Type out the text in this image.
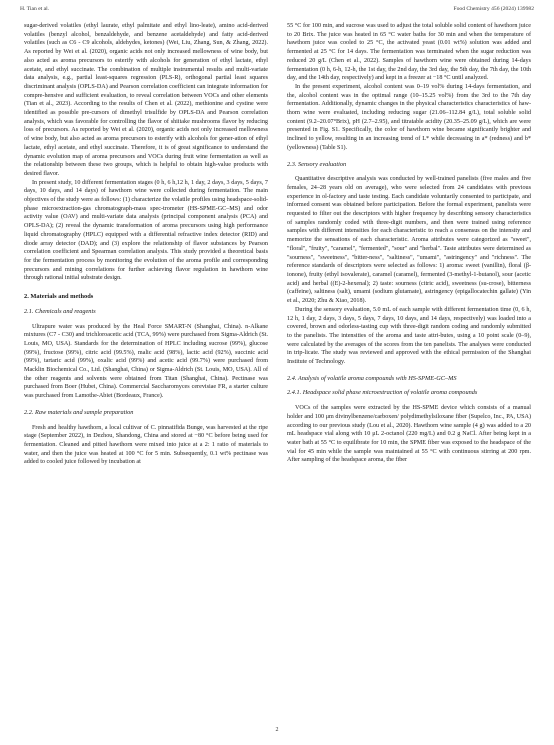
H. Tian et al.	Food Chemistry 456 (2024) 139982

sugar-derived volatiles (ethyl laurate, ethyl palmitate and ethyl lino-leate), amino acid-derived volatiles (benzyl alcohol, benzaldehyde, and benzene acetaldehyde) and fatty acid-derived volatiles (such as C6 - C9 alcohols, aldehydes, ketones) (Wei, Liu, Zhang, Sun, & Zhang, 2022). As reported by Wei et al. (2020), organic acids not only increased mellowness of wine body, but also acted as aroma precursors to esterify with alcohols for generation of ethyl lactate, ethyl acetate, and ethyl succinate. The combination of multiple instrumental results and multi-variate data analysis, e.g., partial least-squares regression (PLS-R), orthogonal partial least squares discriminant analysis (OPLS-DA) and Pearson correlation coefficient can integrate information for compre-hensive and sufficient evaluation, to reveal correlation between VOCs and other elements (Tian et al., 2023). According to the results of Chen et al. (2022), methionine and cystine were identified as possible pre-cursors of dimethyl trisulfide by OPLS-DA and Pearson correlation analysis, which was favorable for controlling the flavor of shiitake mushrooms flavor by reducing loss of precursors. As reported by Wei et al. (2020), organic acids not only increased mellowness of wine body, but also acted as aroma precursors to esterify with alcohols for gener-ation of ethyl lactate, ethyl acetate, and ethyl succinate. Therefore, it is of great significance to understand the dynamic evolution map of aroma precursors and VOCs during fruit wine fermentation as well as the relationship between these two groups, which is helpful to obtain high-value products with desired flavor.

In present study, 10 different fermentation stages (0 h, 6 h,12 h, 1 day, 2 days, 3 days, 5 days, 7 days, 10 days, and 14 days) of hawthorn wine were collected during fermentation. The main objectives of the study were as follows: (1) characterize the volatile profiles using headspace-solid-phase microextraction-gas chromatograph-mass spec-trometer (HS-SPME-GC–MS) and odor activity value (OAV) and multi-variate data analysis (principal component analysis (PCA) and OPLS-DA); (2) reveal the dynamic transformation of aroma precursors using high performance liquid chromatography (HPLC) equipped with a differential refractive index detector (RID) and diode array detector (DAD); and (3) explore the relationship of flavor substances by Pearson correlation coefficient and Spearman correlation analysis. This study provided a theoretical basis for the fermentation process by monitoring the evolution of the aroma profile and corresponding precursors and mining correlations for further achieving flavor regulation in hawthorn wine through rational initial substrate design.

2. Materials and methods
2.1. Chemicals and reagents

Ultrapure water was produced by the Heal Force SMART-N (Shanghai, China). n-Alkane mixtures (C7 - C30) and trichloroacetic acid (TCA, 99%) were purchased from Sigma-Aldrich (St. Louis, MO, USA). Standards for the determination of HPLC including sucrose (99%), glucose (99%), fructose (99%), citric acid (99.5%), malic acid (98%), lactic acid (92%), succinic acid (99%), tartaric acid (99%), oxalic acid (99%) and acetic acid (99.7%) were purchased from Macklin Biochemical Co., Ltd. (Shanghai, China) or Sigma-Aldrich (St. Louis, MO, USA). All of the other reagents and solvents were obtained from Titan (Shanghai, China). Pectinase was purchased from Boer (Hubei, China). Commercial Saccharomyces cerevisiae FR, a starter culture was purchased from Lamothe-Abiet (Bordeaux, France).

2.2. Raw materials and sample preparation

Fresh and healthy hawthorn, a local cultivar of C. pinnatifida Bunge, was harvested at the ripe stage (September 2022), in Dezhou, Shandong, China and stored at −80 °C before being used for fermentation. Cleaned and pitted hawthorn were mixed into juice at a 2: 1 ratio of materials to water, and then the juice was heated at 100 °C for 5 min. Subsequently, 0.1 wt% pectinase was added to cooled juice followed by incubation at

55 °C for 100 min, and sucrose was used to adjust the total soluble solid content of hawthorn juice to 20 Brix. The juice was heated in 65 °C water baths for 30 min and when the temperature of hawthorn juice was cooled to 25 °C, the activated yeast (0.01 wt%) solution was added and fermented at 25 °C for 14 days. The fermentation was terminated when the sugar reduction was reduced 20 g/L (Chen et al., 2022). Samples of hawthorn wine were obtained during 14-days fermentation (0 h, 6-h, 12-h, the 1st day, the 2nd day, the 3rd day, the 5th day, the 7th day, the 10th day, and the 14th day, respectively) and kept in a freezer at −18 °C until analyzed.

In the present experiment, alcohol content was 0–19 vol% during 14-days fermentation, and the, alcohol content was in the optimal range (10–15.25 vol%) from the 3rd to the 7th day fermentation. Additionally, dynamic changes in the physical characteristics characteristics of haw-thorn wine were evaluated, including reducing sugar (21.06–112.84 g/L), total soluble solid content (9.2–20.07°Brix), pH (2.7–2.95), and titratable acidity (20.35–25.09 g/L), which are were presented in Fig. S1. Specifically, the color of hawthorn wine became significantly brighter and inclined to yellow, resulting in an increasing trend of L* while decreasing in a* (redness) and b* (yellowness) (Table S1).

2.3. Sensory evaluation

Quantitative descriptive analysis was conducted by well-trained panelists (five males and five females, 24–28 years old on average), who were selected from 24 candidates with previous experience in ol-factory and taste testing. Each candidate voluntarily consented to participate, and informed consent was obtained before participation. Before the formal experiment, panelists were requested to filter out the descriptors with higher frequency by describing sensory characteristics of samples randomly coded with three-digit numbers, and then were trained using reference samples with different intensities for each characteristic to reach a consensus on the intensity and memorize the sensations of each characteristic. Aroma attributes were categorized as "sweet", "floral", "fruity", "caramel", "fermented", "sour" and "herbal". Taste attributes were determined as "sourness", "sweetness", "bitter-ness", "saltiness", "umami", "astringency" and "richness". The reference standards of descriptors were selected as follows: 1) aroma: sweet (vanillin), floral (β-ionone), fruity (ethyl isovalerate), caramel (caramel), fermented (3-methyl-1-butanol), sour (acetic acid) and herbal ((E)-2-hexenal); 2) taste: sourness (citric acid), sweetness (su-crose), bitterness (caffeine), saltiness (salt), umami (sodium glutamate), astringency (epigallocatechin gallate) (Yin et al., 2020; Zhu & Xiao, 2018).

During the sensory evaluation, 5.0 mL of each sample with different fermentation time (0, 6 h, 12 h, 1 day, 2 days, 3 days, 5 days, 7 days, 10 days, and 14 days, respectively) was loaded into a covered, brown and odorless-tasting cup with three-digit random coding and randomly submitted to the panelists. The intensities of the aroma and taste attri-butes, using a 10 point scale (0–9), were calculated by the averages of the scores from the ten panelists. The analyses were conducted in trip-licate. The study was reviewed and approved with the ethical permission of the Shanghai Institute of Technology.

2.4. Analysis of volatile aroma compounds with HS-SPME-GC–MS
2.4.1. Headspace solid phase microextraction of volatile aroma compounds

VOCs of the samples were extracted by the HS-SPME device which consists of a manual holder and 100 μm divinylbenzene/carboxen/ polydimethylsiloxane fiber (Supelco, Inc., PA, USA) according to our previous study (Lou et al., 2020). Hawthorn wine sample (4 g) was added to a 20 mL headspace vial along with 10 μL 2-octanol (220 mg/L) and 0.2 g NaCl. After being kept in a water bath at 55 °C to equilibrate for 10 min, the SPME fiber was exposed to the headspace of the vial for 45 min while the sample was maintained at 55 °C with continuous stirring at 200 rpm. After sampling of the headspace aroma, the fiber

2
